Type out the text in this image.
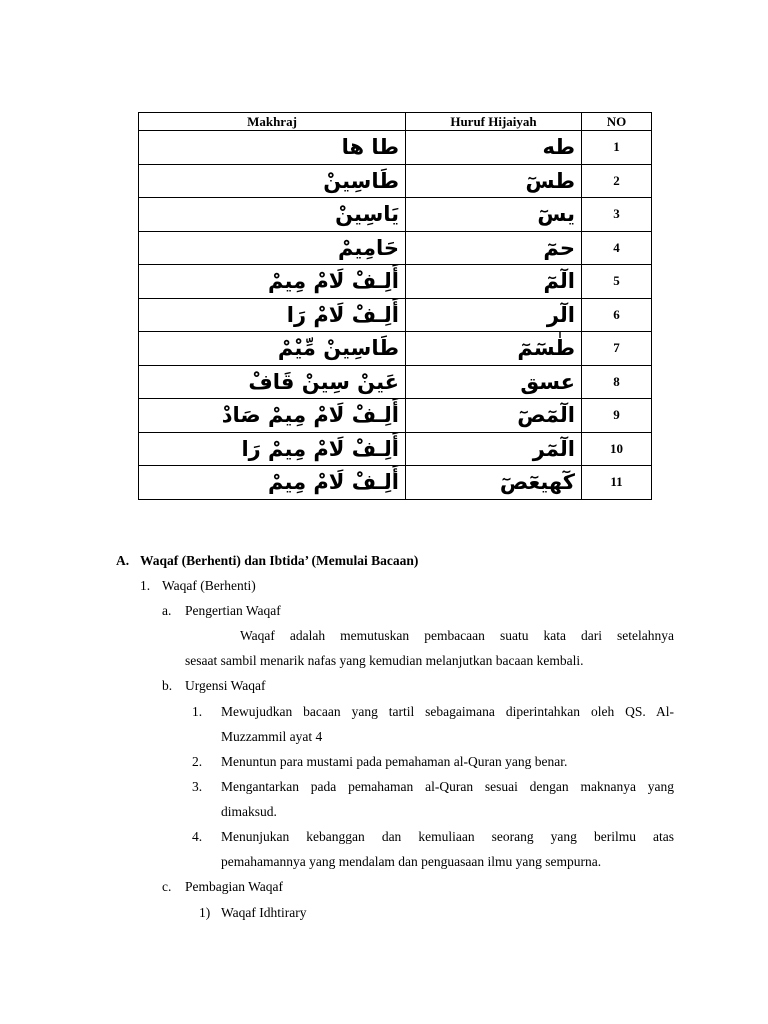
Makhraj	Huruf Hijaiyah	NO
طا ها	طه	1
طَاسِينْ	طسٓ	2
يَاسِينْ	يسٓ	3
حَامِيمْ	حمٓ	4
أَلِـفْ لَامْ مِيمْ	الٓمٓ	5
أَلِـفْ لَامْ رَا	الٓر	6
طَاسِينْ مِّيْمْ	طٰسٓمٓ	7
عَينْ سِينْ قَافْ	عسق	8
أَلِـفْ لَامْ مِيمْ صَادْ	الٓمٓصٓ	9
أَلِـفْ لَامْ مِيمْ رَا	الٓمٓر	10
أَلِـفْ لَامْ مِيمْ	كٓهيعٓصٓ	11
A. Waqaf (Berhenti) dan Ibtida’ (Memulai Bacaan)
1. Waqaf (Berhenti)
a. Pengertian Waqaf
Waqaf adalah memutuskan pembacaan suatu kata dari setelahnya
sesaat sambil menarik nafas yang kemudian melanjutkan bacaan kembali.
b. Urgensi Waqaf
1. Mewujudkan bacaan yang tartil sebagaimana diperintahkan oleh QS. Al-
Muzzammil ayat 4
2. Menuntun para mustami pada pemahaman al-Quran yang benar.
3. Mengantarkan pada pemahaman al-Quran sesuai dengan maknanya yang
dimaksud.
4. Menunjukan kebanggan dan kemuliaan seorang yang berilmu atas
pemahamannya yang mendalam dan penguasaan ilmu yang sempurna.
c. Pembagian Waqaf
1) Waqaf Idhtirary
